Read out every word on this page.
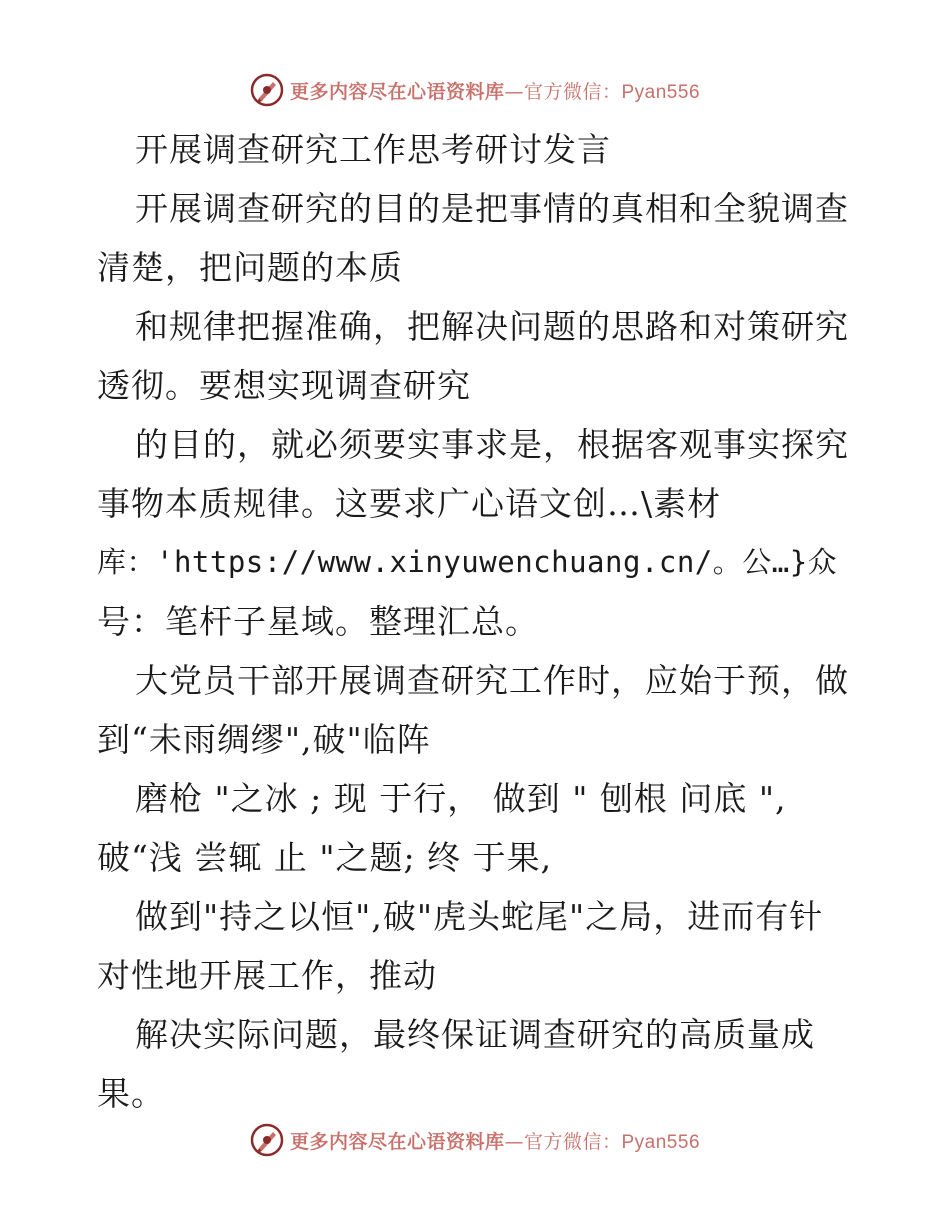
更多内容尽在心语资料库—官方微信：Pyan556
开展调查研究工作思考研讨发言
开展调查研究的目的是把事情的真相和全貌调查
清楚，把问题的本质
和规律把握准确，把解决问题的思路和对策研究
透彻。要想实现调查研究
的目的，就必须要实事求是，根据客观事实探究
事物本质规律。这要求广心语文创…\素材
库：'https://www.xinyuwenchuang.cn/。公…}众
号：笔杆子星域。整理汇总。
大党员干部开展调查研究工作时，应始于预，做
到“未雨绸缪",破"临阵
磨枪 "之冰 ; 现 于行， 做到 " 刨根 问底 ",
破“浅 尝辄 止 "之题; 终 于果,
做到"持之以恒",破"虎头蛇尾"之局，进而有针
对性地开展工作，推动
解决实际问题，最终保证调查研究的高质量成
果。
更多内容尽在心语资料库—官方微信：Pyan556
